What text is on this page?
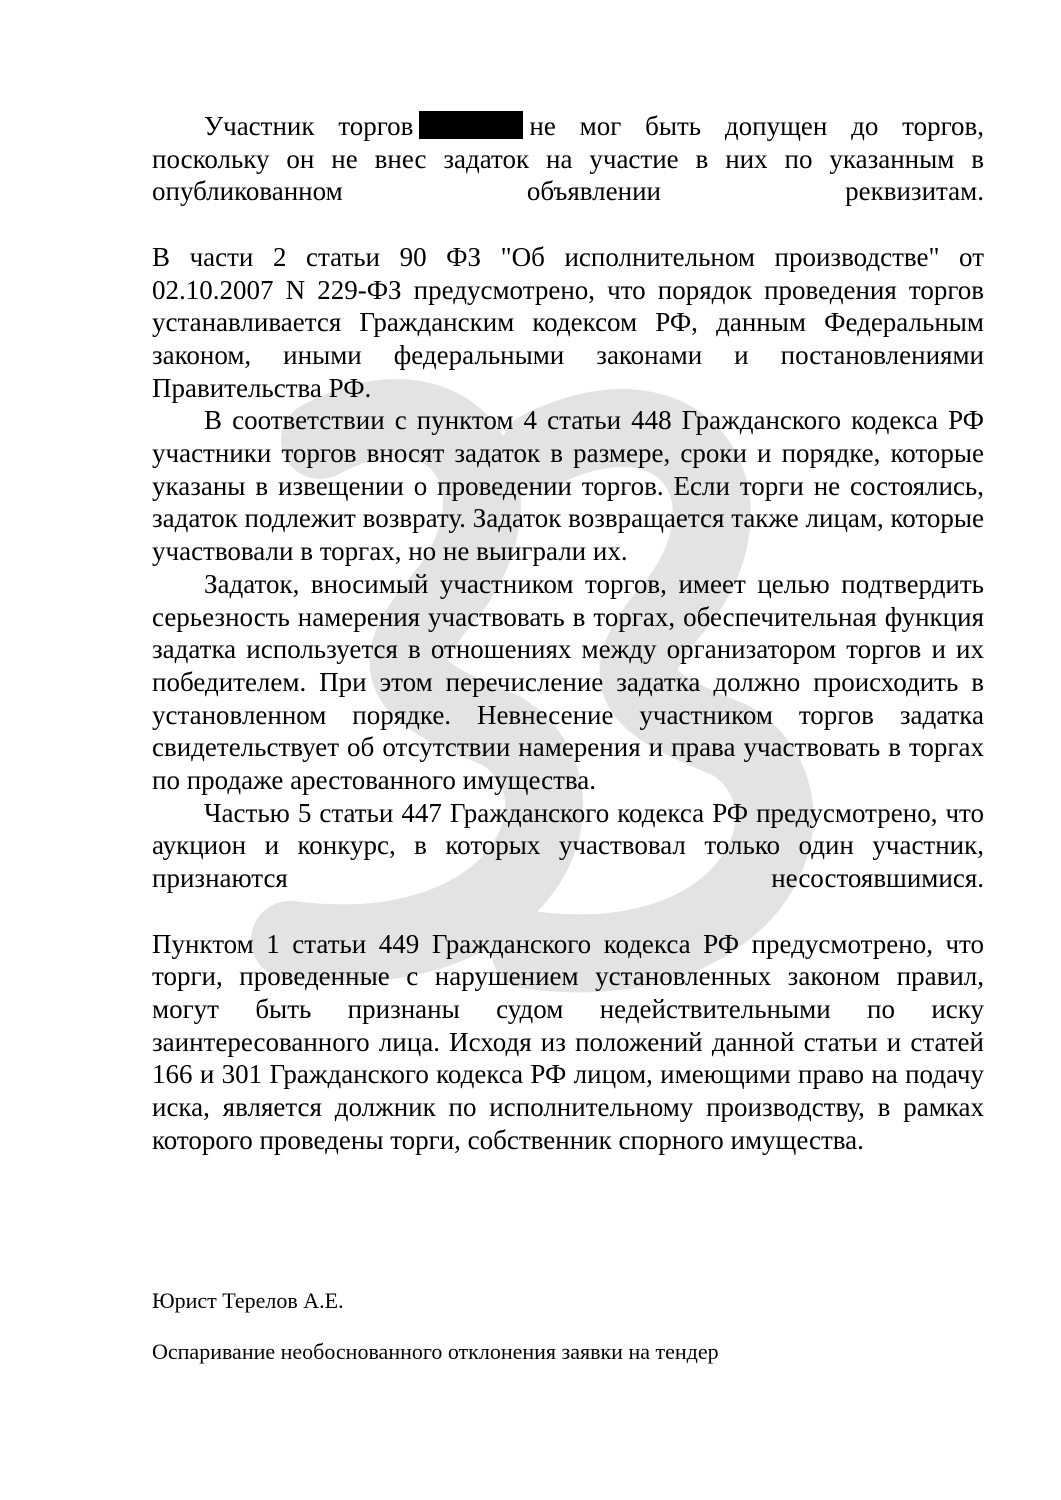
Участник торгов	не мог быть допущен до торгов, поскольку он не внес задаток на участие в них по указанным в опубликованном объявлении реквизитам.

В части 2 статьи 90 ФЗ "Об исполнительном производстве" от 02.10.2007 N 229-ФЗ предусмотрено, что порядок проведения торгов устанавливается Гражданским кодексом РФ, данным Федеральным законом, иными федеральными законами и постановлениями Правительства РФ.

В соответствии с пунктом 4 статьи 448 Гражданского кодекса РФ участники торгов вносят задаток в размере, сроки и порядке, которые указаны в извещении о проведении торгов. Если торги не состоялись, задаток подлежит возврату. Задаток возвращается также лицам, которые участвовали в торгах, но не выиграли их.

Задаток, вносимый участником торгов, имеет целью подтвердить серьезность намерения участвовать в торгах, обеспечительная функция задатка используется в отношениях между организатором торгов и их победителем. При этом перечисление задатка должно происходить в установленном порядке. Невнесение участником торгов задатка свидетельствует об отсутствии намерения и права участвовать в торгах по продаже арестованного имущества.

Частью 5 статьи 447 Гражданского кодекса РФ предусмотрено, что аукцион и конкурс, в которых участвовал только один участник, признаются несостоявшимися.

Пунктом 1 статьи 449 Гражданского кодекса РФ предусмотрено, что торги, проведенные с нарушением установленных законом правил, могут быть признаны судом недействительными по иску заинтересованного лица. Исходя из положений данной статьи и статей 166 и 301 Гражданского кодекса РФ лицом, имеющими право на подачу иска, является должник по исполнительному производству, в рамках которого проведены торги, собственник спорного имущества.

Юрист Терелов А.Е.

Оспаривание необоснованного отклонения заявки на тендер
